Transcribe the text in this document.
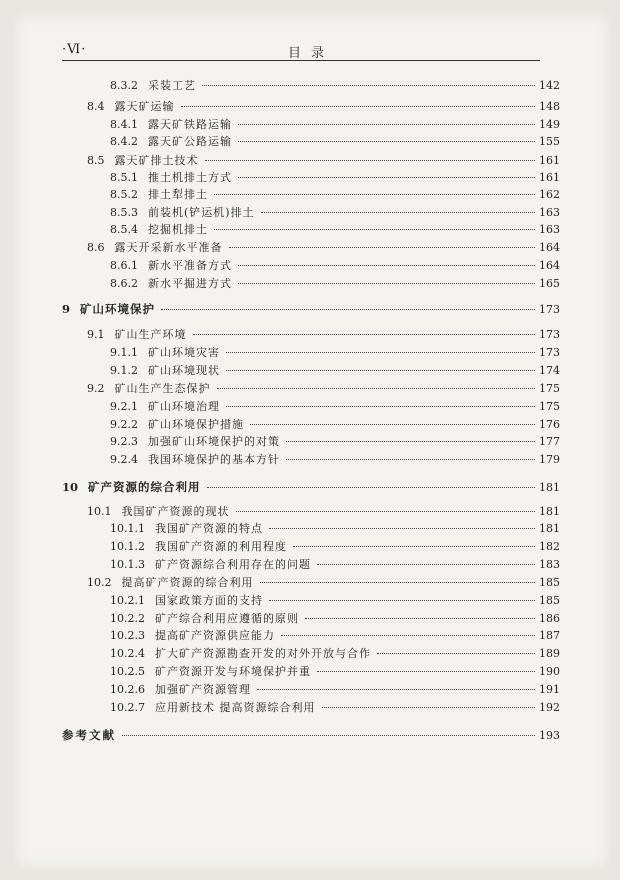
·Ⅵ·	目录
8.3.2 采装工艺	142
8.4 露天矿运输	148
8.4.1 露天矿铁路运输	149
8.4.2 露天矿公路运输	155
8.5 露天矿排土技术	161
8.5.1 推土机排土方式	161
8.5.2 排土犁排土	162
8.5.3 前装机(铲运机)排土	163
8.5.4 挖掘机排土	163
8.6 露天开采新水平准备	164
8.6.1 新水平准备方式	164
8.6.2 新水平掘进方式	165
9 矿山环境保护	173
9.1 矿山生产环境	173
9.1.1 矿山环境灾害	173
9.1.2 矿山环境现状	174
9.2 矿山生产生态保护	175
9.2.1 矿山环境治理	175
9.2.2 矿山环境保护措施	176
9.2.3 加强矿山环境保护的对策	177
9.2.4 我国环境保护的基本方针	179
10 矿产资源的综合利用	181
10.1 我国矿产资源的现状	181
10.1.1 我国矿产资源的特点	181
10.1.2 我国矿产资源的利用程度	182
10.1.3 矿产资源综合利用存在的问题	183
10.2 提高矿产资源的综合利用	185
10.2.1 国家政策方面的支持	185
10.2.2 矿产综合利用应遵循的原则	186
10.2.3 提高矿产资源供应能力	187
10.2.4 扩大矿产资源勘查开发的对外开放与合作	189
10.2.5 矿产资源开发与环境保护并重	190
10.2.6 加强矿产资源管理	191
10.2.7 应用新技术 提高资源综合利用	192
参考文献	193
